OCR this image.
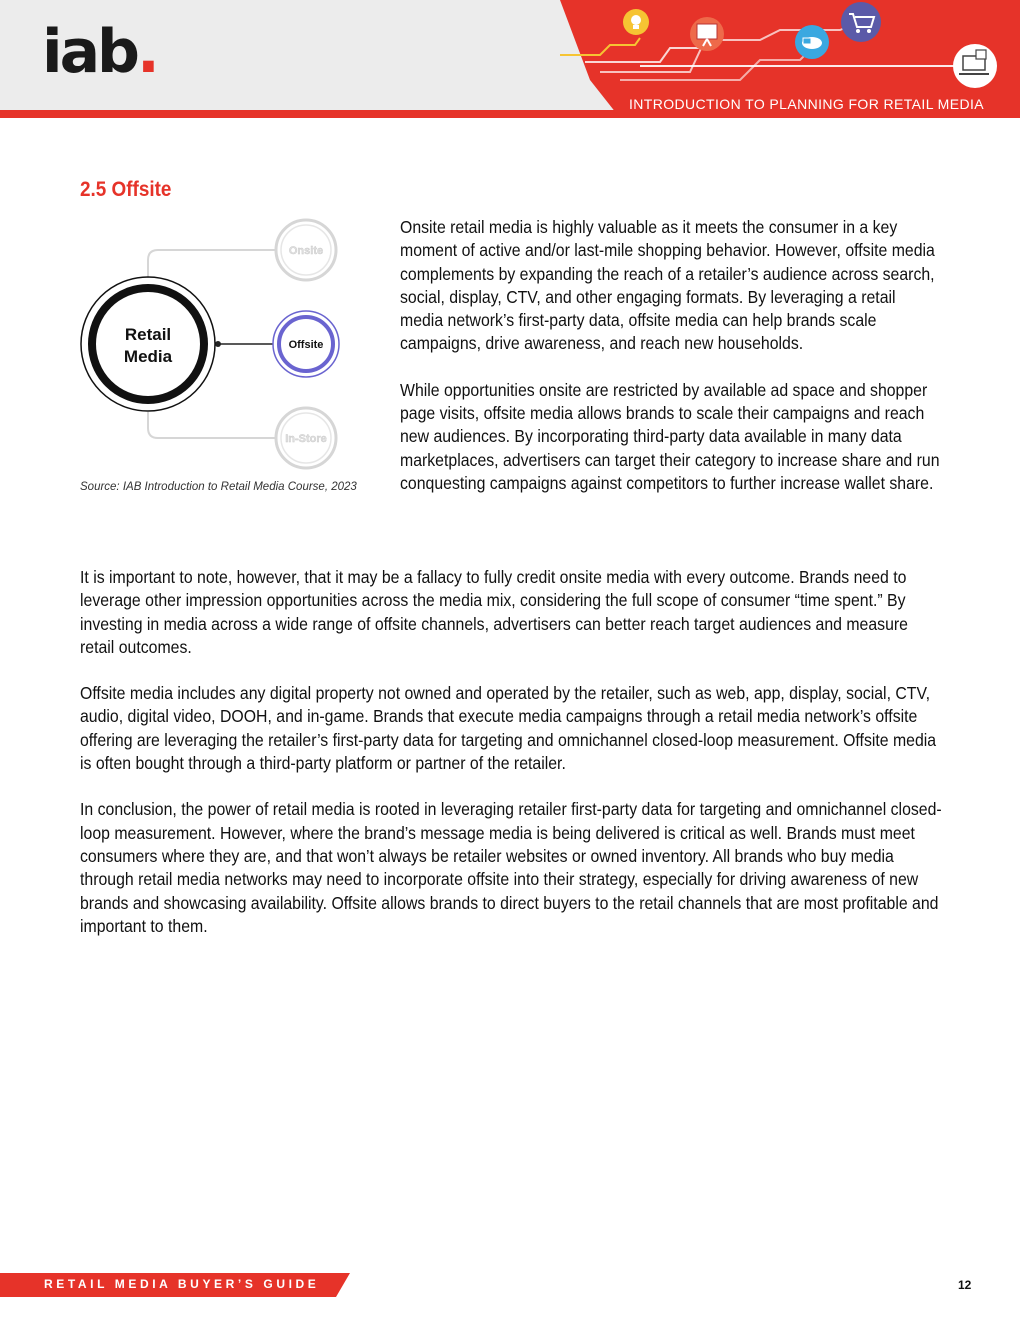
iab.
INTRODUCTION TO PLANNING FOR RETAIL MEDIA
2.5 Offsite
Retail
Media
Onsite
Offsite
In-Store
Source: IAB Introduction to Retail Media Course, 2023

Onsite retail media is highly valuable as it meets the consumer in a key moment of active and/or last-mile shopping behavior. However, offsite media complements by expanding the reach of a retailer’s audience across search, social, display, CTV, and other engaging formats. By leveraging a retail media network’s first-party data, offsite media can help brands scale campaigns, drive awareness, and reach new households.

While opportunities onsite are restricted by available ad space and shopper page visits, offsite media allows brands to scale their campaigns and reach new audiences. By incorporating third-party data available in many data marketplaces, advertisers can target their category to increase share and run conquesting campaigns against competitors to further increase wallet share.

It is important to note, however, that it may be a fallacy to fully credit onsite media with every outcome. Brands need to leverage other impression opportunities across the media mix, considering the full scope of consumer “time spent.” By investing in media across a wide range of offsite channels, advertisers can better reach target audiences and measure retail outcomes.

Offsite media includes any digital property not owned and operated by the retailer, such as web, app, display, social, CTV, audio, digital video, DOOH, and in-game. Brands that execute media campaigns through a retail media network’s offsite offering are leveraging the retailer’s first-party data for targeting and omnichannel closed-loop measurement. Offsite media is often bought through a third-party platform or partner of the retailer.

In conclusion, the power of retail media is rooted in leveraging retailer first-party data for targeting and omnichannel closed-loop measurement. However, where the brand’s message media is being delivered is critical as well. Brands must meet consumers where they are, and that won’t always be retailer websites or owned inventory. All brands who buy media through retail media networks may need to incorporate offsite into their strategy, especially for driving awareness of new brands and showcasing availability. Offsite allows brands to direct buyers to the retail channels that are most profitable and important to them.

RETAIL MEDIA BUYER’S GUIDE	12
